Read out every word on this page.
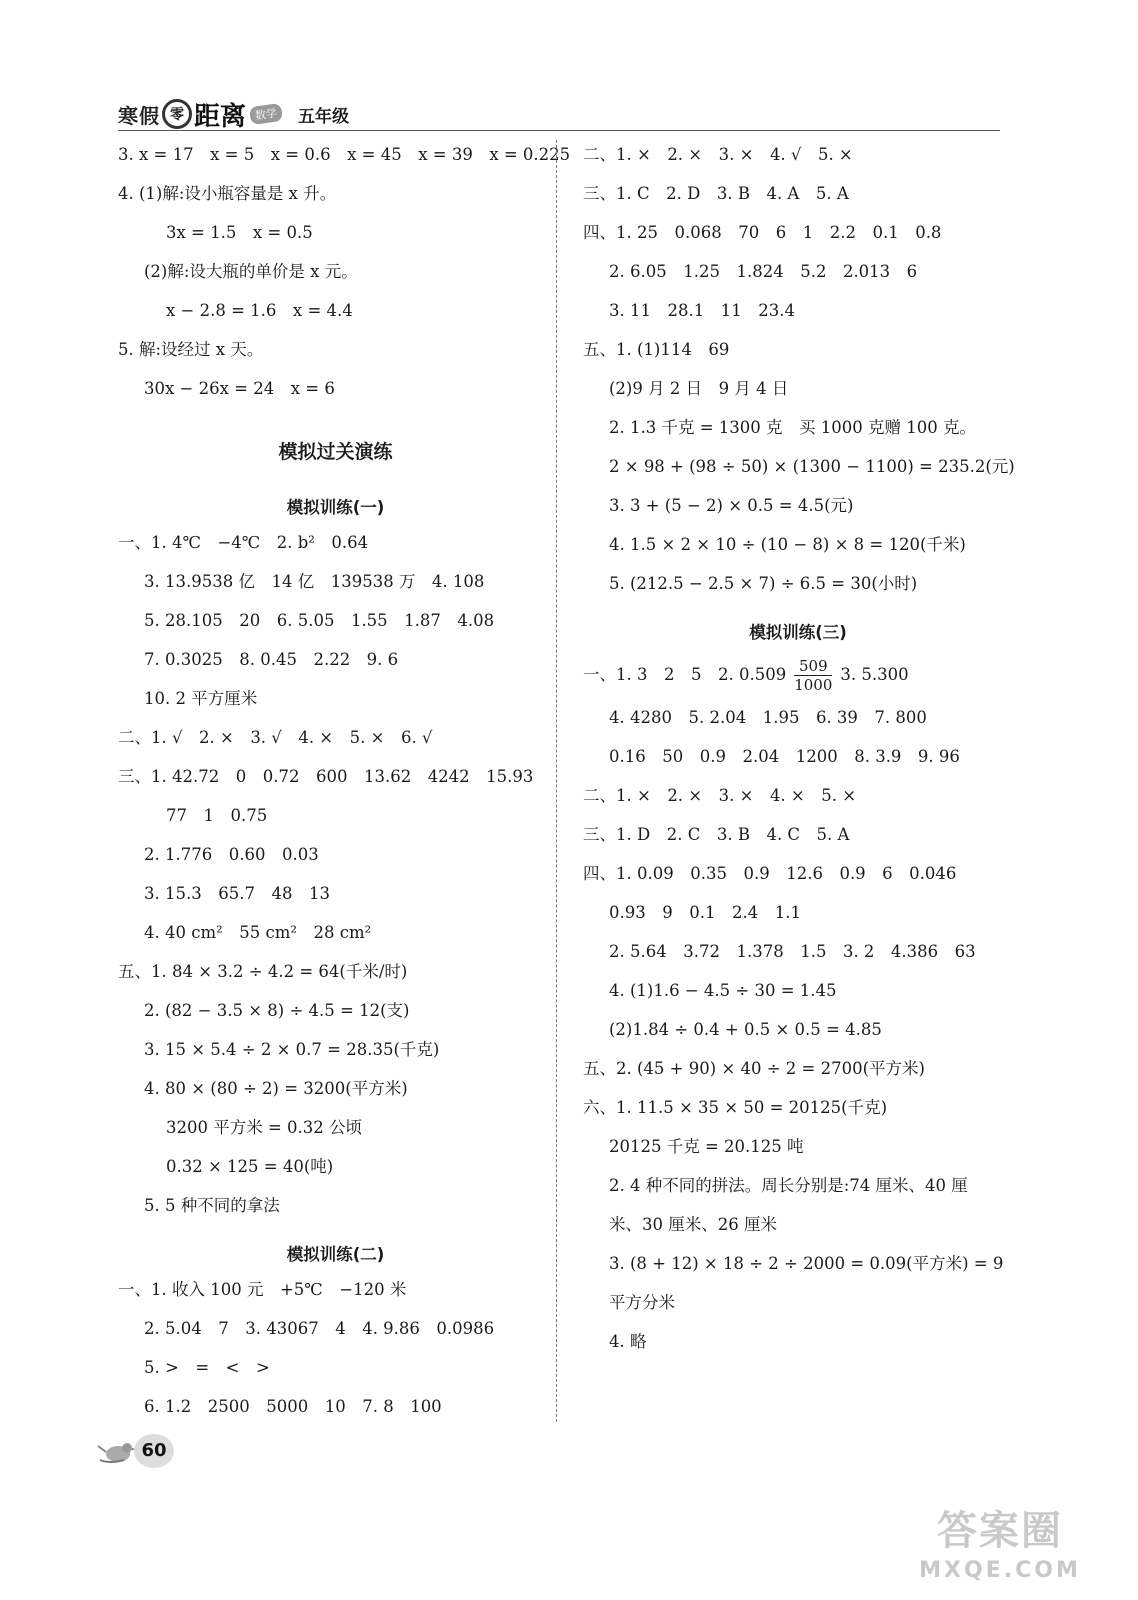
寒假 零 距离 数学	五年级
3. x = 17　x = 5　x = 0.6　x = 45　x = 39　x = 0.225
4. (1)解:设小瓶容量是 x 升。
3x = 1.5　x = 0.5
(2)解:设大瓶的单价是 x 元。
x − 2.8 = 1.6　x = 4.4
5. 解:设经过 x 天。
30x − 26x = 24　x = 6
模拟过关演练
模拟训练(一)
一、1. 4℃　−4℃　2. b²　0.64
3. 13.9538 亿　14 亿　139538 万　4. 108
5. 28.105　20　6. 5.05　1.55　1.87　4.08
7. 0.3025　8. 0.45　2.22　9. 6
10. 2 平方厘米
二、1. √　2. ×　3. √　4. ×　5. ×　6. √
三、1. 42.72　0　0.72　600　13.62　4242　15.93
77　1　0.75
2. 1.776　0.60　0.03
3. 15.3　65.7　48　13
4. 40 cm²　55 cm²　28 cm²
五、1. 84 × 3.2 ÷ 4.2 = 64(千米/时)
2. (82 − 3.5 × 8) ÷ 4.5 = 12(支)
3. 15 × 5.4 ÷ 2 × 0.7 = 28.35(千克)
4. 80 × (80 ÷ 2) = 3200(平方米)
3200 平方米 = 0.32 公顷
0.32 × 125 = 40(吨)
5. 5 种不同的拿法
模拟训练(二)
一、1. 收入 100 元　+5℃　−120 米
2. 5.04　7　3. 43067　4　4. 9.86　0.0986
5. >　=　<　>
6. 1.2　2500　5000　10　7. 8　100
二、1. ×　2. ×　3. ×　4. √　5. ×
三、1. C　2. D　3. B　4. A　5. A
四、1. 25　0.068　70　6　1　2.2　0.1　0.8
2. 6.05　1.25　1.824　5.2　2.013　6
3. 11　28.1　11　23.4
五、1. (1)114　69
(2)9 月 2 日　9 月 4 日
2. 1.3 千克 = 1300 克　买 1000 克赠 100 克。
2 × 98 + (98 ÷ 50) × (1300 − 1100) = 235.2(元)
3. 3 + (5 − 2) × 0.5 = 4.5(元)
4. 1.5 × 2 × 10 ÷ (10 − 8) × 8 = 120(千米)
5. (212.5 − 2.5 × 7) ÷ 6.5 = 30(小时)
模拟训练(三)
一、1. 3　2　5　2. $0.509 \frac{509}{1000} 3$. 5.300
4. 4280　5. 2.04　1.95　6. 39　7. 800
0.16　50　0.9　2.04　1200　8. 3.9　9. 96
二、1. ×　2. ×　3. ×　4. ×　5. ×
三、1. D　2. C　3. B　4. C　5. A
四、1. 0.09　0.35　0.9　12.6　0.9　6　0.046
0.93　9　0.1　2.4　1.1
2. 5.64　3.72　1.378　1.5　3. 2　4.386　63
4. (1)1.6 − 4.5 ÷ 30 = 1.45
(2)1.84 ÷ 0.4 + 0.5 × 0.5 = 4.85
五、2. (45 + 90) × 40 ÷ 2 = 2700(平方米)
六、1. 11.5 × 35 × 50 = 20125(千克)
20125 千克 = 20.125 吨
2. 4 种不同的拼法。周长分别是:74 厘米、40 厘
米、30 厘米、26 厘米
3. (8 + 12) × 18 ÷ 2 ÷ 2000 = 0.09(平方米) = 9
平方分米
4. 略
60
答案圈
MXQE.COM
